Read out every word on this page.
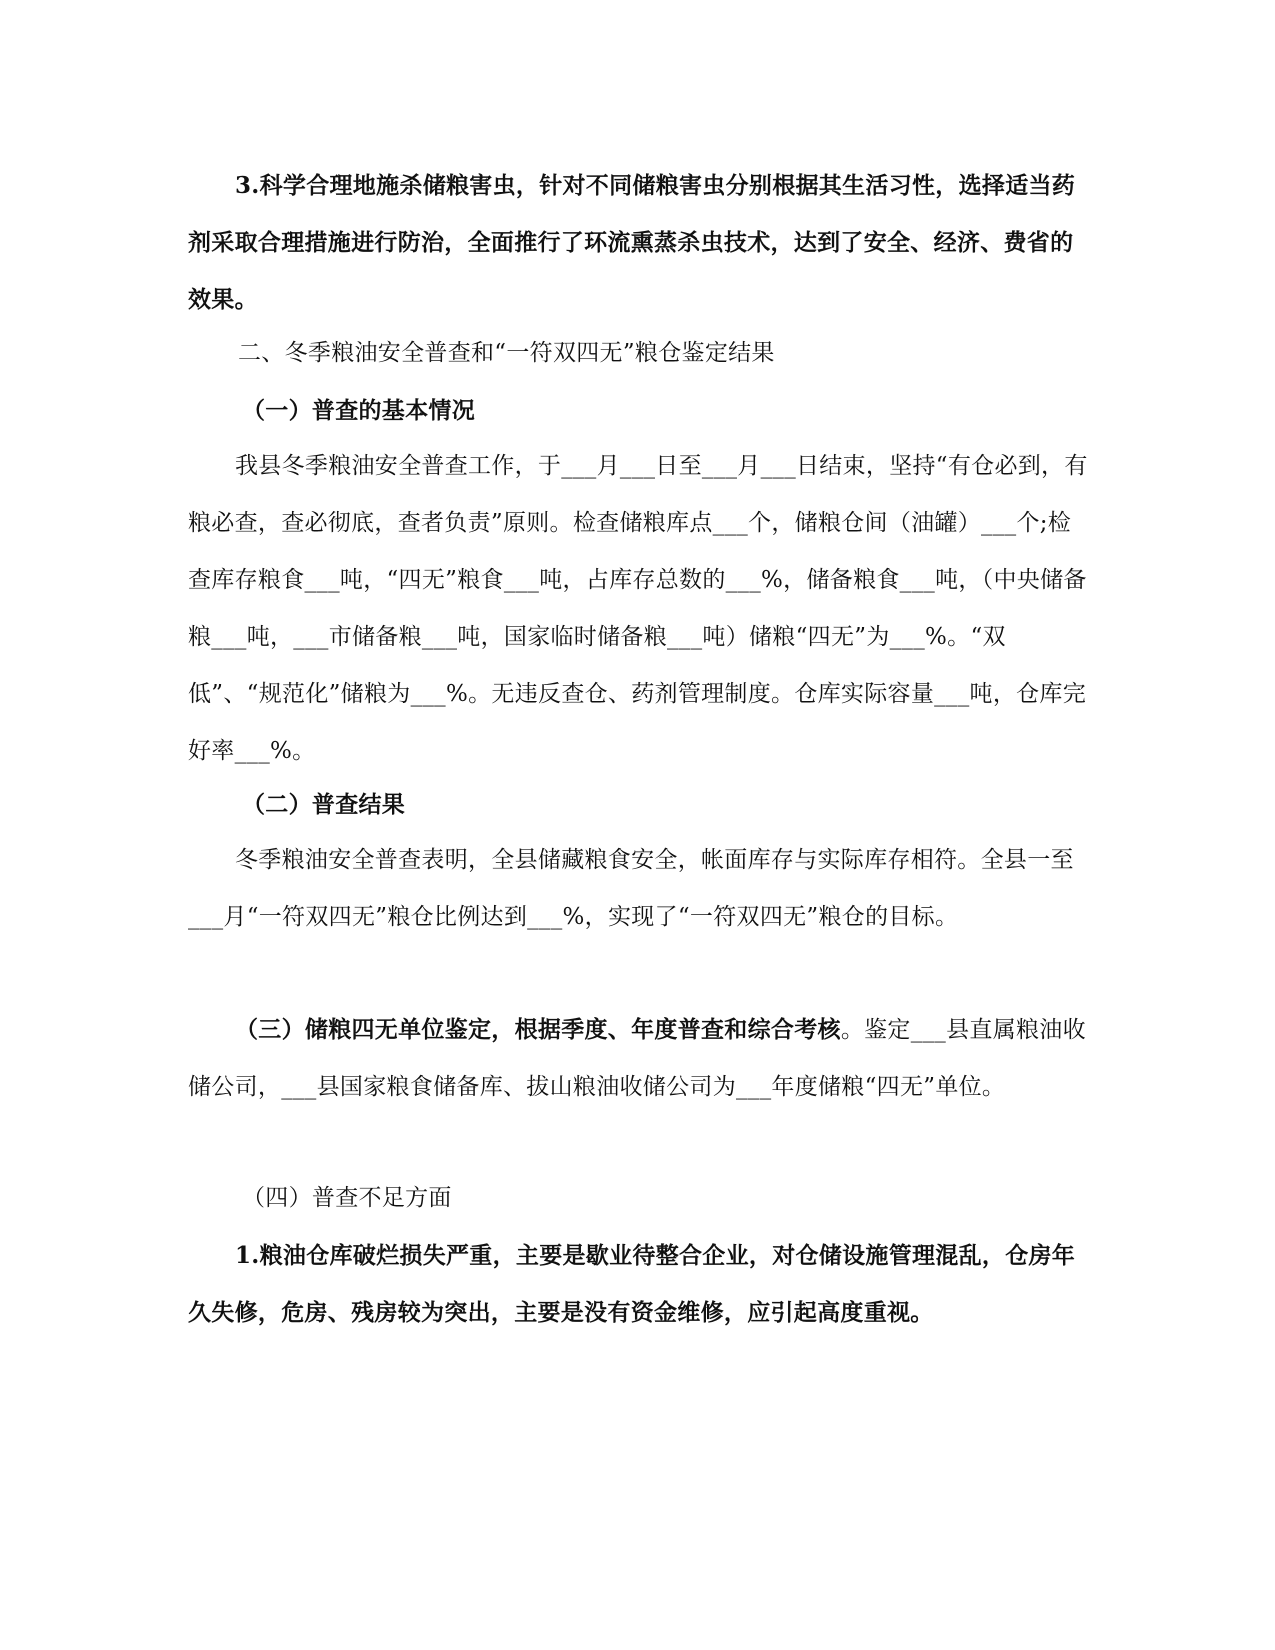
3.科学合理地施杀储粮害虫，针对不同储粮害虫分别根据其生活习性，选择适当药剂采取合理措施进行防治，全面推行了环流熏蒸杀虫技术，达到了安全、经济、费省的效果。

二、冬季粮油安全普查和“一符双四无”粮仓鉴定结果

（一）普查的基本情况

我县冬季粮油安全普查工作，于___月___日至___月___日结束，坚持“有仓必到，有粮必查，查必彻底，查者负责”原则。检查储粮库点___个，储粮仓间（油罐）___个;检查库存粮食___吨，“四无”粮食___吨，占库存总数的___%，储备粮食___吨，（中央储备粮___吨，___市储备粮___吨，国家临时储备粮___吨）储粮“四无”为___%。“双低”、“规范化”储粮为___%。无违反查仓、药剂管理制度。仓库实际容量___吨，仓库完好率___%。

（二）普查结果

冬季粮油安全普查表明，全县储藏粮食安全，帐面库存与实际库存相符。全县一至___月“一符双四无”粮仓比例达到___%，实现了“一符双四无”粮仓的目标。

（三）储粮四无单位鉴定，根据季度、年度普查和综合考核。鉴定___县直属粮油收储公司，___县国家粮食储备库、拔山粮油收储公司为___年度储粮“四无”单位。

（四）普查不足方面

1.粮油仓库破烂损失严重，主要是歇业待整合企业，对仓储设施管理混乱，仓房年久失修，危房、残房较为突出，主要是没有资金维修，应引起高度重视。
